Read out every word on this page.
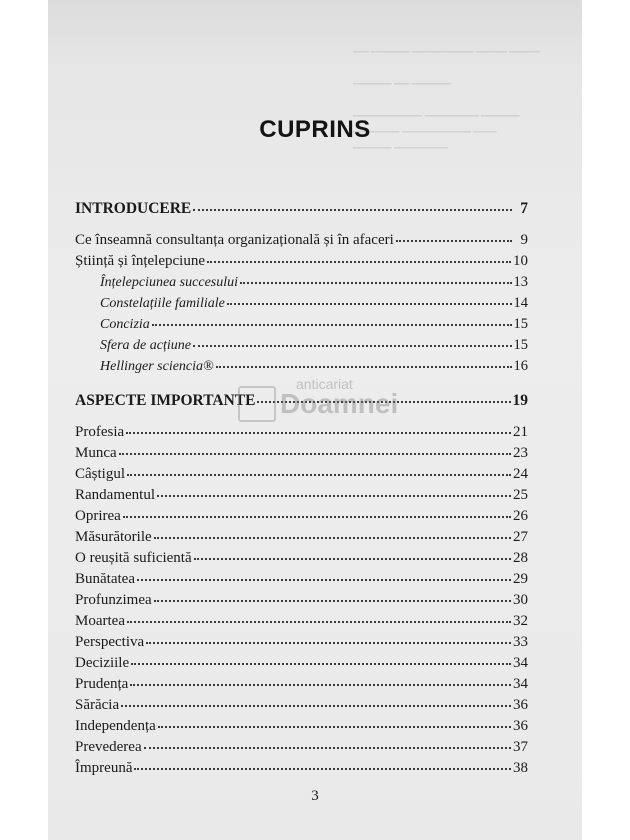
▁▁ ▁▁▁▁▁ ▁▁▁▁▁▁▁▁ ▁▁▁▁ ▁▁▁▁
▁▁▁▁▁ ▁▁ ▁▁▁▁▁
▁▁▁▁▁▁▁▁▁ ▁▁▁▁▁▁▁ ▁▁▁▁▁
▁▁▁▁▁▁ ▁▁▁▁▁▁▁▁▁ ▁▁▁
▁▁▁▁▁ ▁▁▁▁▁▁▁
CUPRINS
INTRODUCERE	7
Ce înseamnă consultanța organizațională și în afaceri	9
Știință și înțelepciune	10
Înțelepciunea succesului	13
Constelațiile familiale	14
Concizia	15
Sfera de acțiune	15
Hellinger sciencia®	16
ASPECTE IMPORTANTE	19
Profesia	21
Munca	23
Câștigul	24
Randamentul	25
Oprirea	26
Măsurătorile	27
O reușită suficientă	28
Bunătatea	29
Profunzimea	30
Moartea	32
Perspectiva	33
Deciziile	34
Prudența	34
Sărăcia	36
Independența	36
Prevederea	37
Împreună	38
anticariat
Doamnei
3
